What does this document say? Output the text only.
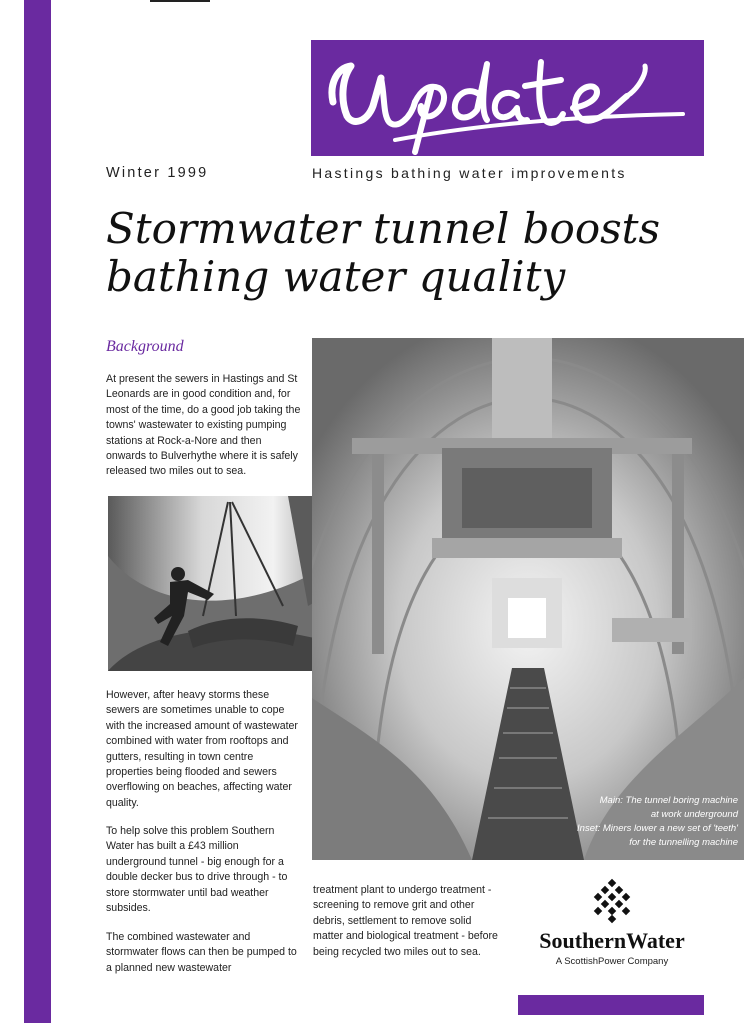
Winter 1999	Hastings bathing water improvements
Stormwater tunnel boosts
bathing water quality
Background

At present the sewers in Hastings and St Leonards are in good condition and, for most of the time, do a good job taking the towns' wastewater to existing pumping stations at Rock-a-Nore and then onwards to Bulverhythe where it is safely released two miles out to sea.

However, after heavy storms these sewers are sometimes unable to cope with the increased amount of wastewater combined with water from rooftops and gutters, resulting in town centre properties being flooded and sewers overflowing on beaches, affecting water quality.

To help solve this problem Southern Water has built a £43 million underground tunnel - big enough for a double decker bus to drive through - to store stormwater until bad weather subsides.

The combined wastewater and stormwater flows can then be pumped to a planned new wastewater

Main: The tunnel boring machine
at work underground
Inset: Miners lower a new set of 'teeth'
for the tunnelling machine

treatment plant to undergo treatment - screening to remove grit and other debris, settlement to remove solid matter and biological treatment - before being recycled two miles out to sea.	SouthernWater
A ScottishPower Company
